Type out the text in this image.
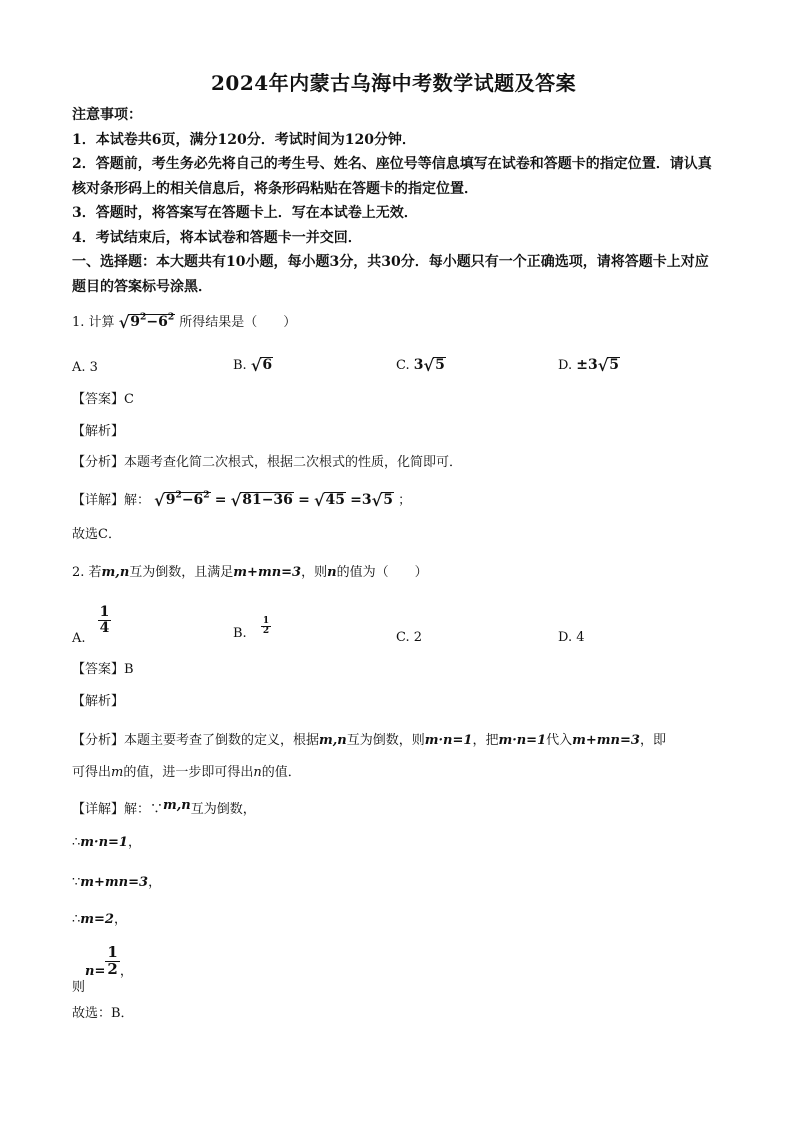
2024年内蒙古乌海中考数学试题及答案
注意事项：
1．本试卷共6页，满分120分．考试时间为120分钟．
2．答题前，考生务必先将自己的考生号、姓名、座位号等信息填写在试卷和答题卡的指定位置．请认真
核对条形码上的相关信息后，将条形码粘贴在答题卡的指定位置．
3．答题时，将答案写在答题卡上．写在本试卷上无效．
4．考试结束后，将本试卷和答题卡一并交回．
一、选择题：本大题共有10小题，每小题3分，共30分．每小题只有一个正确选项，请将答题卡上对应
题目的答案标号涂黑．
1. 计算 $√9^2-6^2$ 所得结果是（　　）
A. 3	B. √6	C. 3√5	D. ±3√5
【答案】C
【解析】
【分析】本题考查化简二次根式，根据二次根式的性质，化简即可．
【详解】解： $√9^2-6^2 = √81-36 = √45 =3√5$ ；
故选C．
2. 若m,n互为倒数，且满足m+mn=3，则n的值为（　　）
A.
$\frac{1}{4}$	B. $\frac{1}{2}$
C. 2	D. 4
【答案】B
【解析】
【分析】本题主要考查了倒数的定义，根据m,n互为倒数，则m·n=1，把m·n=1代入m+mn=3，即
可得出m的值，进一步即可得出n的值．
【详解】解：∵m,n互为倒数，
∴m·n=1，
∵m+mn=3，
∴m=2，
则$n= \frac{1}{2}$ ，
故选：B．
